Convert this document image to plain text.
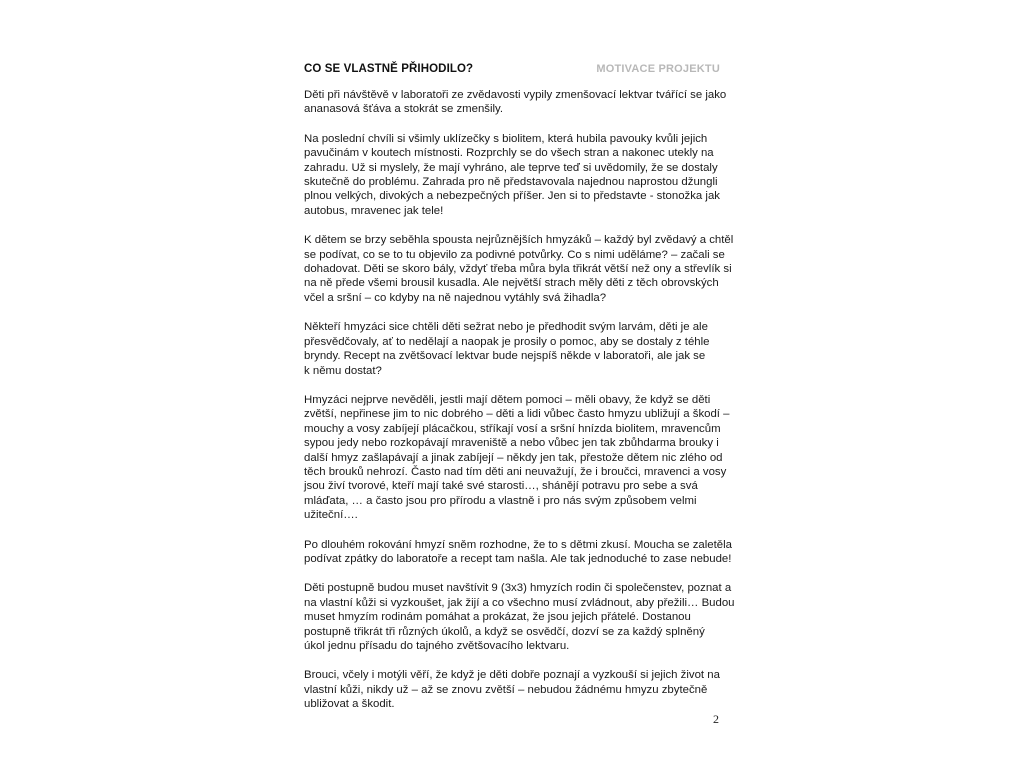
CO SE VLASTNĚ PŘIHODILO?	MOTIVACE PROJEKTU

Děti při návštěvě v laboratoři ze zvědavosti vypily zmenšovací lektvar tvářící se jako
ananasová šťáva a stokrát se zmenšily.

Na poslední chvíli si všimly uklízečky s biolitem, která hubila pavouky kvůli jejich
pavučinám v koutech místnosti. Rozprchly se do všech stran a nakonec utekly na
zahradu. Už si myslely, že mají vyhráno, ale teprve teď si uvědomily, že se dostaly
skutečně do problému. Zahrada pro ně představovala najednou naprostou džungli
plnou velkých, divokých a nebezpečných příšer. Jen si to představte - stonožka jak
autobus, mravenec jak tele!

K dětem se brzy seběhla spousta nejrůznějších hmyzáků – každý byl zvědavý a chtěl
se podívat, co se to tu objevilo za podivné potvůrky. Co s nimi uděláme? – začali se
dohadovat. Děti se skoro bály, vždyť třeba můra byla třikrát větší než ony a střevlík si
na ně přede všemi brousil kusadla. Ale největší strach měly děti z těch obrovských
včel a sršní – co kdyby na ně najednou vytáhly svá žihadla?

Někteří hmyzáci sice chtěli děti sežrat nebo je předhodit svým larvám, děti je ale
přesvědčovaly, ať to nedělají a naopak je prosily o pomoc, aby se dostaly z téhle
bryndy. Recept na zvětšovací lektvar bude nejspíš někde v laboratoři, ale jak se
k němu dostat?

Hmyzáci nejprve nevěděli, jestli mají dětem pomoci – měli obavy, že když se děti
zvětší, nepřinese jim to nic dobrého – děti a lidi vůbec často hmyzu ubližují a škodí –
mouchy a vosy zabíjejí plácačkou, stříkají vosí a sršní hnízda biolitem, mravencům
sypou jedy nebo rozkopávají mraveniště a nebo vůbec jen tak zbůhdarma brouky i
další hmyz zašlapávají a jinak zabíjejí – někdy jen tak, přestože dětem nic zlého od
těch brouků nehrozí. Často nad tím děti ani neuvažují, že i broučci, mravenci a vosy
jsou živí tvorové, kteří mají také své starosti…, shánějí potravu pro sebe a svá
mláďata, … a často jsou pro přírodu a vlastně i pro nás svým způsobem velmi
užiteční….

Po dlouhém rokování hmyzí sněm rozhodne, že to s dětmi zkusí. Moucha se zaletěla
podívat zpátky do laboratoře a recept tam našla. Ale tak jednoduché to zase nebude!

Děti postupně budou muset navštívit 9 (3x3) hmyzích rodin či společenstev, poznat a
na vlastní kůži si vyzkoušet, jak žijí a co všechno musí zvládnout, aby přežili… Budou
muset hmyzím rodinám pomáhat a prokázat, že jsou jejich přátelé. Dostanou
postupně třikrát tři různých úkolů, a když se osvědčí, dozví se za každý splněný
úkol jednu přísadu do tajného zvětšovacího lektvaru.

Brouci, včely i motýli věří, že když je děti dobře poznají a vyzkouší si jejich život na
vlastní kůži, nikdy už – až se znovu zvětší – nebudou žádnému hmyzu zbytečně
ubližovat a škodit.

2
